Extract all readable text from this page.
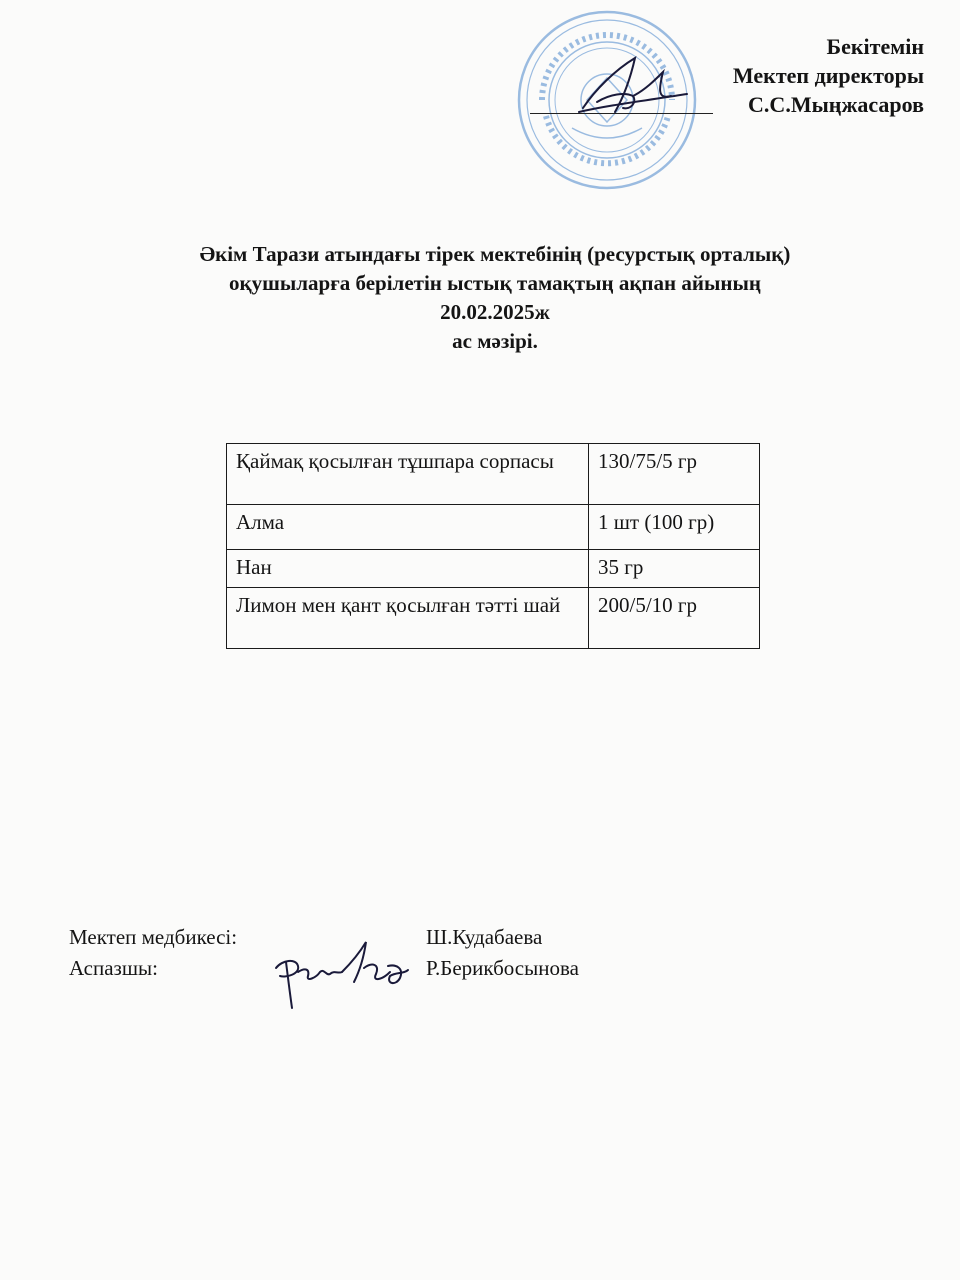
Бекітемін
Мектеп директоры
С.С.Мыңжасаров
Әкім Тарази атындағы тірек мектебінің (ресурстық орталық)
оқушыларға берілетін ыстық тамақтың ақпан айының
20.02.2025ж
ас мәзірі.
Қаймақ қосылған тұшпара сорпасы	130/75/5 гр
Алма	1 шт (100 гр)
Нан	35 гр
Лимон мен қант қосылған тәтті шай	200/5/10 гр
Мектеп медбикесі:	Ш.Кудабаева
Аспазшы:	Р.Берикбосынова
